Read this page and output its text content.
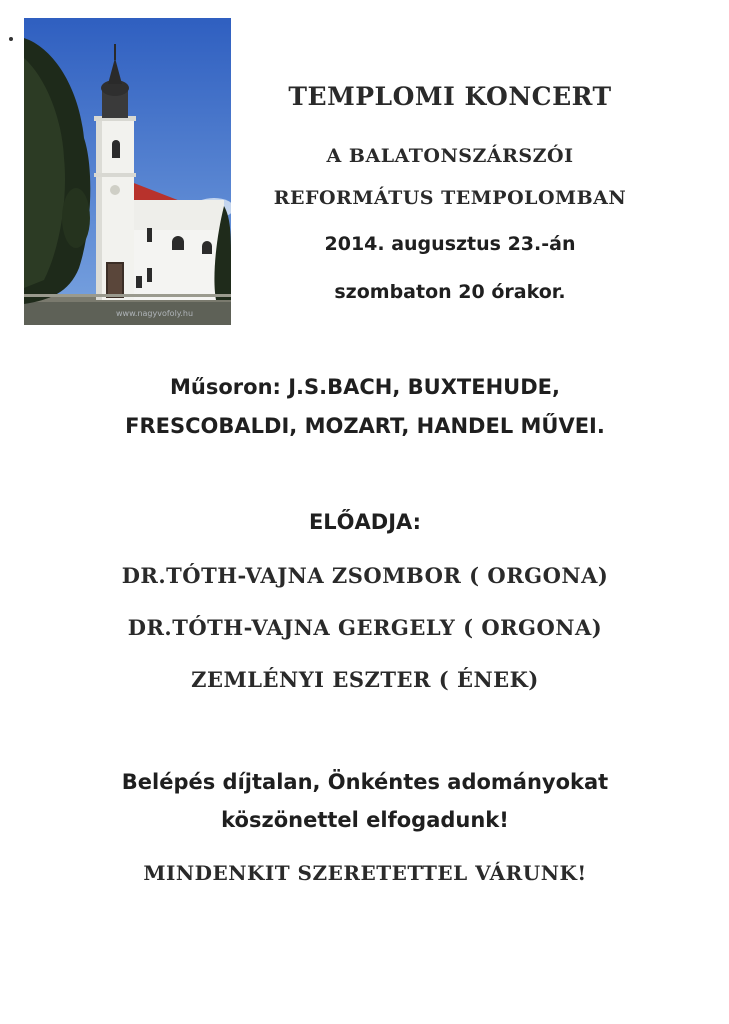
www.nagyvofoly.hu
TEMPLOMI KONCERT
A BALATONSZÁRSZÓI
REFORMÁTUS TEMPOLOMBAN
2014. augusztus 23.-án
szombaton 20 órakor.
Műsoron: J.S.BACH, BUXTEHUDE,
FRESCOBALDI, MOZART, HANDEL MŰVEI.
ELŐADJA:
DR.TÓTH-VAJNA ZSOMBOR ( ORGONA)
DR.TÓTH-VAJNA GERGELY ( ORGONA)
ZEMLÉNYI ESZTER ( ÉNEK)
Belépés díjtalan, Önkéntes adományokat
köszönettel elfogadunk!
MINDENKIT SZERETETTEL VÁRUNK!
